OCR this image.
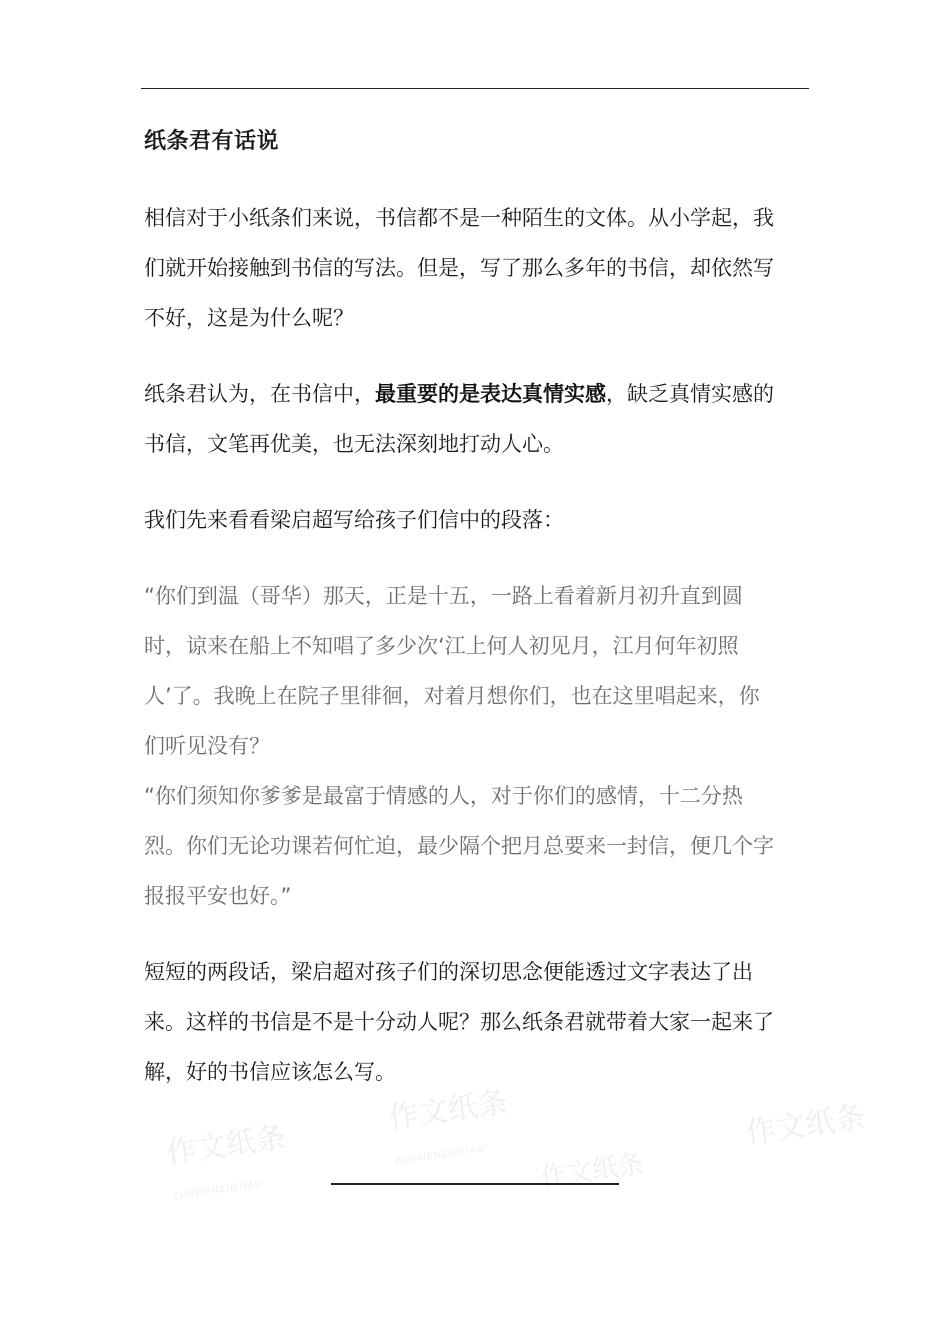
作文纸条
ZUOWENZHITIAO
作文纸条
ZUOWENZHITIAO	作文纸条
作文纸条
纸条君有话说
相信对于小纸条们来说，书信都不是一种陌生的文体。从小学起，我
们就开始接触到书信的写法。但是，写了那么多年的书信，却依然写
不好，这是为什么呢？
纸条君认为，在书信中，最重要的是表达真情实感，缺乏真情实感的
书信，文笔再优美，也无法深刻地打动人心。
我们先来看看梁启超写给孩子们信中的段落：
“你们到温（哥华）那天，正是十五，一路上看着新月初升直到圆
时，谅来在船上不知唱了多少次‘江上何人初见月，江月何年初照
人’了。我晚上在院子里徘徊，对着月想你们，也在这里唱起来，你
们听见没有？
“你们须知你爹爹是最富于情感的人，对于你们的感情，十二分热
烈。你们无论功课若何忙迫，最少隔个把月总要来一封信，便几个字
报报平安也好。”
短短的两段话，梁启超对孩子们的深切思念便能透过文字表达了出
来。这样的书信是不是十分动人呢？那么纸条君就带着大家一起来了
解，好的书信应该怎么写。
